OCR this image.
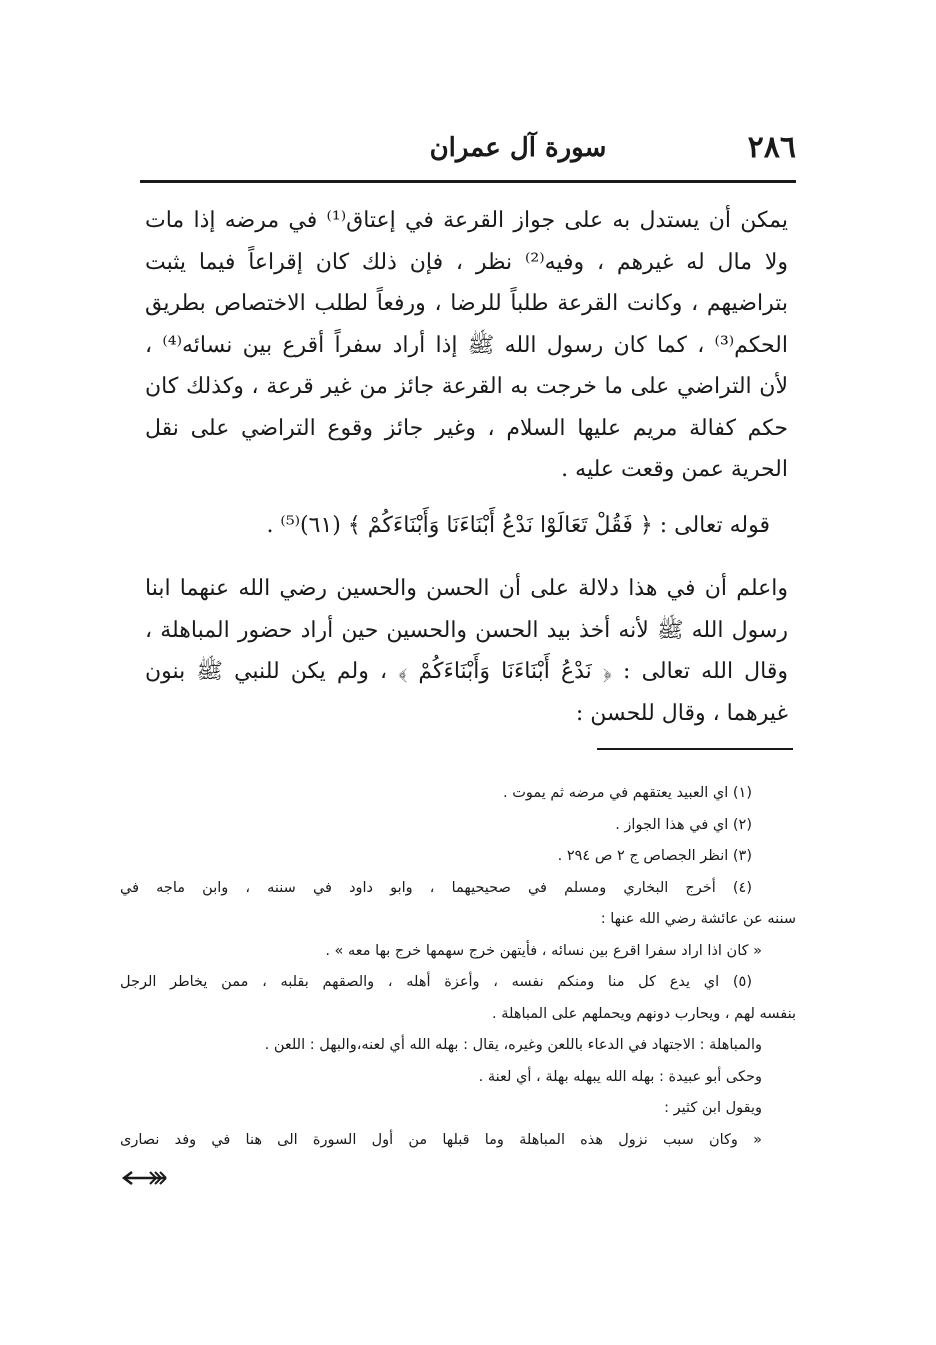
٢٨٦
سورة آل عمران
يمكن أن يستدل به على جواز القرعة في إعتاق⁽¹⁾ في مرضه إذا مات
ولا مال له غيرهم ، وفيه⁽²⁾ نظر ، فإن ذلك كان إقراعاً فيما يثبت
بتراضيهم ، وكانت القرعة طلباً للرضا ، ورفعاً لطلب الاختصاص بطريق
الحكم⁽³⁾ ، كما كان رسول الله ﷺ إذا أراد سفراً أقرع بين نسائه⁽⁴⁾ ،
لأن التراضي على ما خرجت به القرعة جائز من غير قرعة ، وكذلك كان
حكم كفالة مريم عليها السلام ، وغير جائز وقوع التراضي على نقل
الحرية عمن وقعت عليه .
قوله تعالى : ﴿ فَقُلْ تَعَالَوْا نَدْعُ أَبْنَاءَنَا وَأَبْنَاءَكُمْ ﴾ (٦١)⁽⁵⁾ .
واعلم أن في هذا دلالة على أن الحسن والحسين رضي الله عنهما ابنا
رسول الله ﷺ لأنه أخذ بيد الحسن والحسين حين أراد حضور المباهلة ،
وقال الله تعالى : ﴿ نَدْعُ أَبْنَاءَنَا وَأَبْنَاءَكُمْ ﴾ ، ولم يكن للنبي ﷺ بنون
غيرهما ، وقال للحسن :
(١) اي العبيد يعتقهم في مرضه ثم يموت .
(٢) اي في هذا الجواز .
(٣) انظر الجصاص ج ٢ ص ٢٩٤ .
(٤) أخرج البخاري ومسلم في صحيحيهما ، وابو داود في سننه ، وابن ماجه في
سننه عن عائشة رضي الله عنها :
« كان اذا اراد سفرا اقرع بين نسائه ، فأيتهن خرج سهمها خرج بها معه » .
(٥) اي يدع كل منا ومنكم نفسه ، وأعزة أهله ، والصقهم بقلبه ، ممن يخاطر الرجل
بنفسه لهم ، ويحارب دونهم ويحملهم على المباهلة .
والمباهلة : الاجتهاد في الدعاء باللعن وغيره، يقال : بهله الله أي لعنه،والبهل : اللعن .
وحكى أبو عبيدة : بهله الله يبهله بهلة ، أي لعنة .
ويقول ابن كثير :
« وكان سبب نزول هذه المباهلة وما قبلها من أول السورة الى هنا في وفد نصارى
